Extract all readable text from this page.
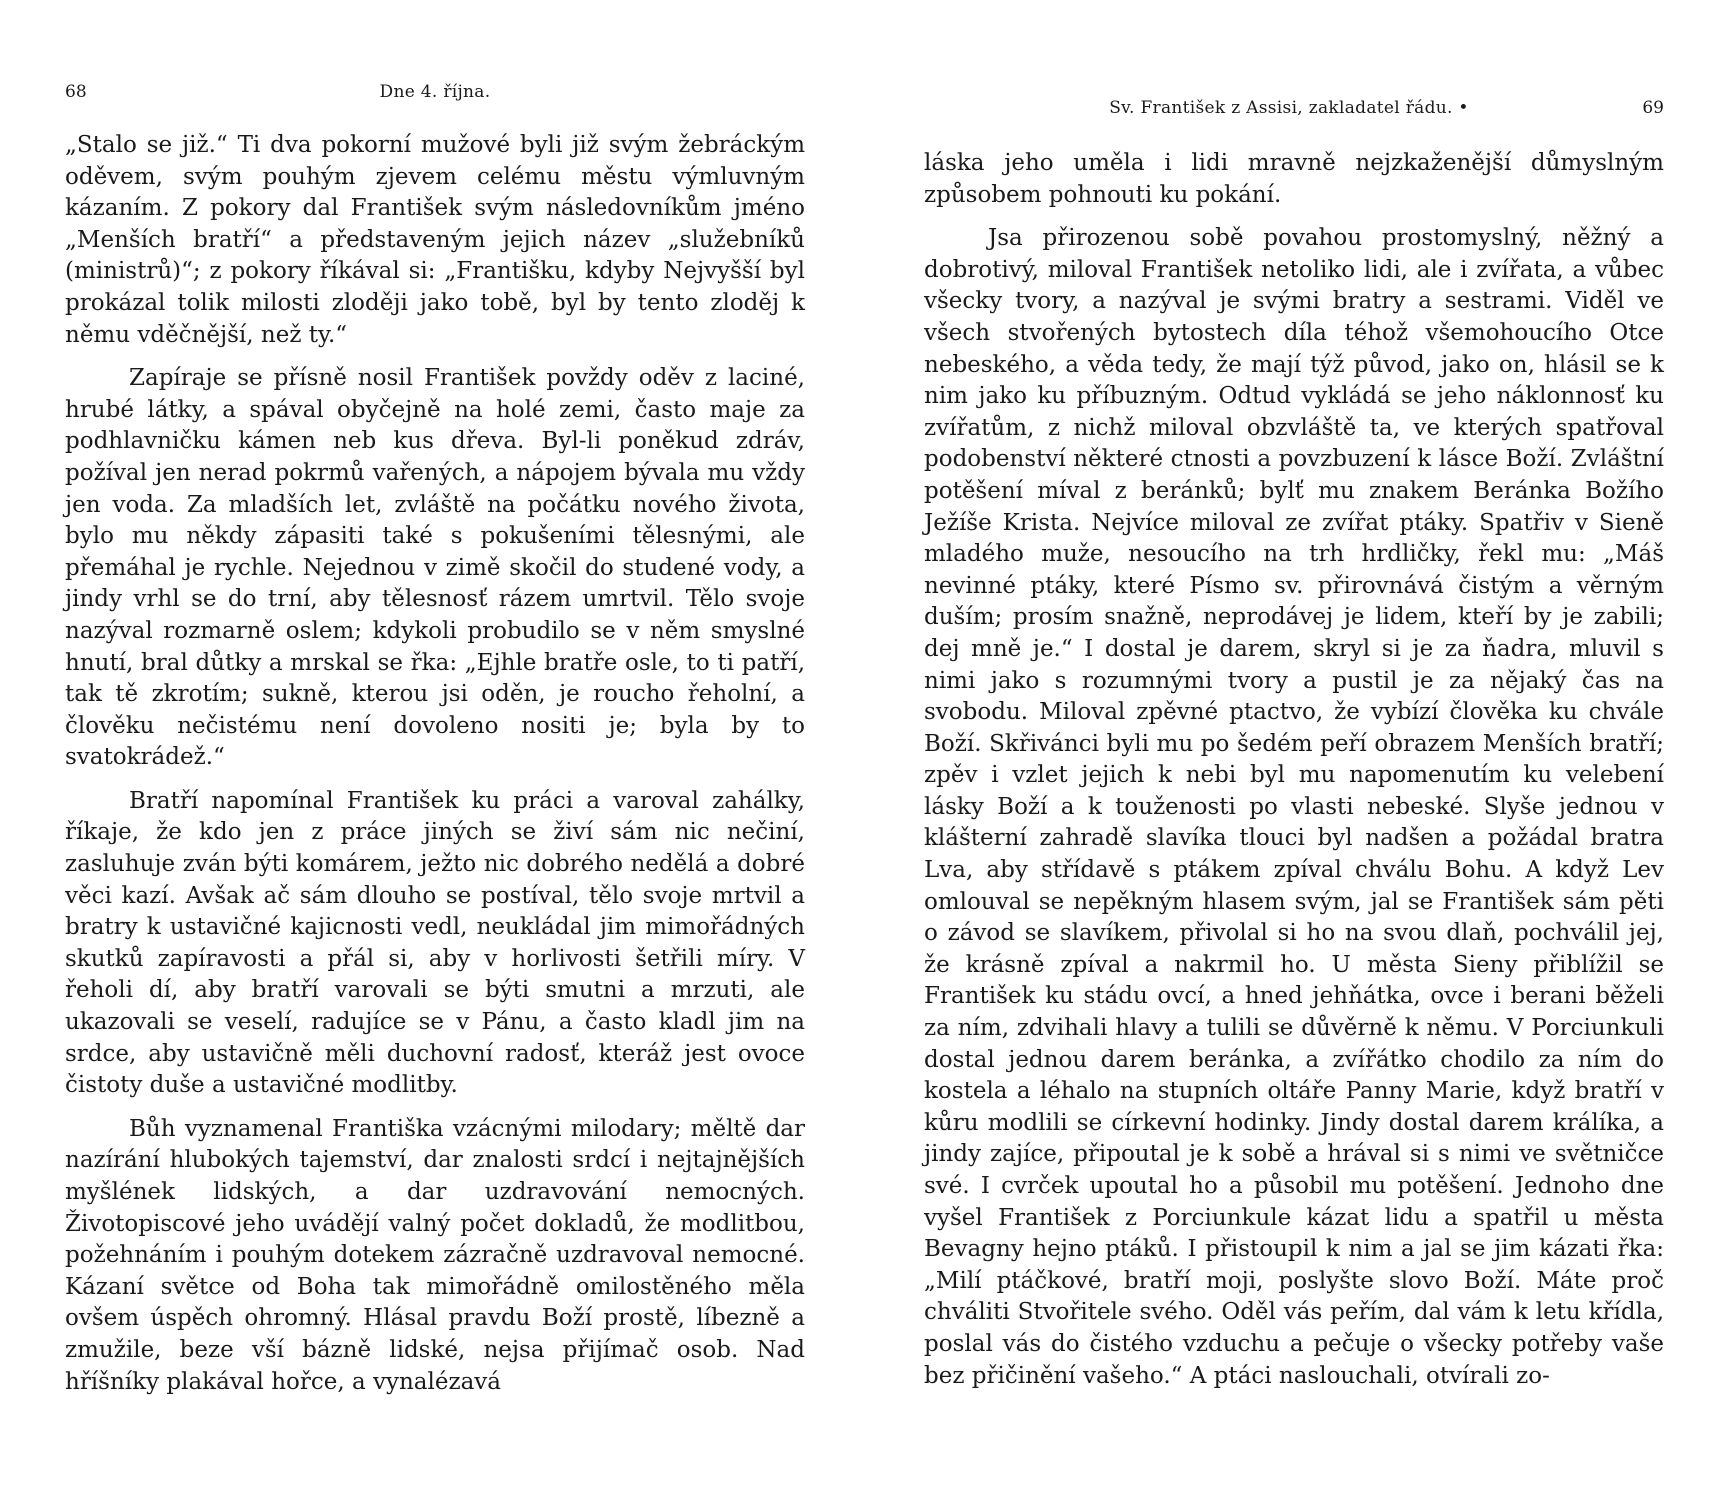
68	Dne 4. října.

„Stalo se již.“ Ti dva pokorní mužové byli již svým žebráckým oděvem, svým pouhým zjevem celému městu výmluvným kázaním. Z pokory dal František svým následovníkům jméno „Menších bratří“ a představeným jejich název „služebníků (ministrů)“; z pokory říkával si: „Františku, kdyby Nejvyšší byl prokázal tolik milosti zloději jako tobě, byl by tento zloděj k němu vděčnější, než ty.“

Zapíraje se přísně nosil František povždy oděv z laciné, hrubé látky, a spával obyčejně na holé zemi, často maje za podhlavničku kámen neb kus dřeva. Byl-li poněkud zdráv, požíval jen nerad pokrmů vařených, a nápojem bývala mu vždy jen voda. Za mladších let, zvláště na počátku nového života, bylo mu někdy zápasiti také s pokušeními tělesnými, ale přemáhal je rychle. Nejednou v zimě skočil do studené vody, a jindy vrhl se do trní, aby tělesnosť rázem umrtvil. Tělo svoje nazýval rozmarně oslem; kdykoli probudilo se v něm smyslné hnutí, bral důtky a mrskal se řka: „Ejhle bratře osle, to ti patří, tak tě zkrotím; sukně, kterou jsi oděn, je roucho řeholní, a člověku nečistému není dovoleno nositi je; byla by to svatokrádež.“

Bratří napomínal František ku práci a varoval zahálky, říkaje, že kdo jen z práce jiných se živí sám nic nečiní, zasluhuje zván býti komárem, ježto nic dobrého nedělá a dobré věci kazí. Avšak ač sám dlouho se postíval, tělo svoje mrtvil a bratry k ustavičné kajicnosti vedl, neukládal jim mimořádných skutků zapíravosti a přál si, aby v horlivosti šetřili míry. V řeholi dí, aby bratří varovali se býti smutni a mrzuti, ale ukazovali se veselí, radujíce se v Pánu, a často kladl jim na srdce, aby ustavičně měli duchovní radosť, kteráž jest ovoce čistoty duše a ustavičné modlitby.

Bůh vyznamenal Františka vzácnými milodary; měltě dar nazírání hlubokých tajemství, dar znalosti srdcí i nejtajnějších myšlének lidských, a dar uzdravování nemocných. Životopiscové jeho uvádějí valný počet dokladů, že modlitbou, požehnáním i pouhým dotekem zázračně uzdravoval nemocné. Kázaní světce od Boha tak mimořádně omilostěného měla ovšem úspěch ohromný. Hlásal pravdu Boží prostě, líbezně a zmužile, beze vší bázně lidské, nejsa přijímač osob. Nad hříšníky plakával hořce, a vynalézavá

Sv. František z Assisi, zakladatel řádu. •	69

láska jeho uměla i lidi mravně nejzkaženější důmyslným způsobem pohnouti ku pokání.

Jsa přirozenou sobě povahou prostomyslný, něžný a dobrotivý, miloval František netoliko lidi, ale i zvířata, a vůbec všecky tvory, a nazýval je svými bratry a sestrami. Viděl ve všech stvořených bytostech díla téhož všemohoucího Otce nebeského, a věda tedy, že mají týž původ, jako on, hlásil se k nim jako ku příbuzným. Odtud vykládá se jeho náklonnosť ku zvířatům, z nichž miloval obzvláště ta, ve kterých spatřoval podobenství některé ctnosti a povzbuzení k lásce Boží. Zvláštní potěšení míval z beránků; bylť mu znakem Beránka Božího Ježíše Krista. Nejvíce miloval ze zvířat ptáky. Spatřiv v Sieně mladého muže, nesoucího na trh hrdličky, řekl mu: „Máš nevinné ptáky, které Písmo sv. přirovnává čistým a věrným duším; prosím snažně, neprodávej je lidem, kteří by je zabili; dej mně je.“ I dostal je darem, skryl si je za ňadra, mluvil s nimi jako s rozumnými tvory a pustil je za nějaký čas na svobodu. Miloval zpěvné ptactvo, že vybízí člověka ku chvále Boží. Skřivánci byli mu po šedém peří obrazem Menších bratří; zpěv i vzlet jejich k nebi byl mu napomenutím ku velebení lásky Boží a k touženosti po vlasti nebeské. Slyše jednou v klášterní zahradě slavíka tlouci byl nadšen a požádal bratra Lva, aby střídavě s ptákem zpíval chválu Bohu. A když Lev omlouval se nepěkným hlasem svým, jal se František sám pěti o závod se slavíkem, přivolal si ho na svou dlaň, pochválil jej, že krásně zpíval a nakrmil ho. U města Sieny přiblížil se František ku stádu ovcí, a hned jehňátka, ovce i berani běželi za ním, zdvihali hlavy a tulili se důvěrně k němu. V Porciunkuli dostal jednou darem beránka, a zvířátko chodilo za ním do kostela a léhalo na stupních oltáře Panny Marie, když bratří v kůru modlili se církevní hodinky. Jindy dostal darem králíka, a jindy zajíce, připoutal je k sobě a hrával si s nimi ve světničce své. I cvrček upoutal ho a působil mu potěšení. Jednoho dne vyšel František z Porciunkule kázat lidu a spatřil u města Bevagny hejno ptáků. I přistoupil k nim a jal se jim kázati řka: „Milí ptáčkové, bratří moji, poslyšte slovo Boží. Máte proč chváliti Stvořitele svého. Oděl vás peřím, dal vám k letu křídla, poslal vás do čistého vzduchu a pečuje o všecky potřeby vaše bez přičinění vašeho.“ A ptáci naslouchali, otvírali zo-
